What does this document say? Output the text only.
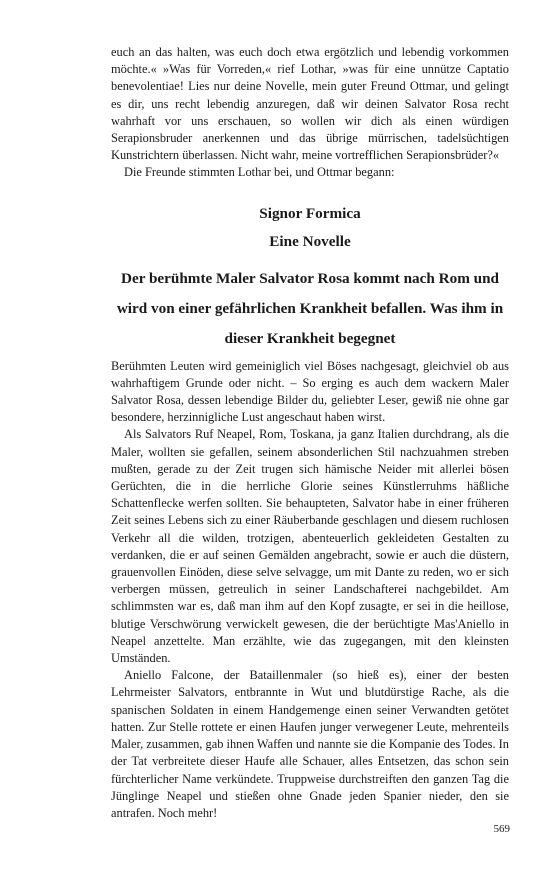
euch an das halten, was euch doch etwa ergötzlich und lebendig vorkommen möchte.« »Was für Vorreden,« rief Lothar, »was für eine unnütze Captatio benevolentiae! Lies nur deine Novelle, mein guter Freund Ottmar, und gelingt es dir, uns recht lebendig anzuregen, daß wir deinen Salvator Rosa recht wahrhaft vor uns erschauen, so wollen wir dich als einen würdigen Serapionsbruder anerkennen und das übrige mürrischen, tadelsüchtigen Kunstrichtern überlassen. Nicht wahr, meine vortrefflichen Serapionsbrüder?«

Die Freunde stimmten Lothar bei, und Ottmar begann:

Signor Formica
Eine Novelle
Der berühmte Maler Salvator Rosa kommt nach Rom und wird von einer gefährlichen Krankheit befallen. Was ihm in dieser Krankheit begegnet

Berühmten Leuten wird gemeiniglich viel Böses nachgesagt, gleichviel ob aus wahrhaftigem Grunde oder nicht. – So erging es auch dem wackern Maler Salvator Rosa, dessen lebendige Bilder du, geliebter Leser, gewiß nie ohne gar besondere, herzinnigliche Lust angeschaut haben wirst.

Als Salvators Ruf Neapel, Rom, Toskana, ja ganz Italien durchdrang, als die Maler, wollten sie gefallen, seinem absonderlichen Stil nachzuahmen streben mußten, gerade zu der Zeit trugen sich hämische Neider mit allerlei bösen Gerüchten, die in die herrliche Glorie seines Künstlerruhms häßliche Schattenflecke werfen sollten. Sie behaupteten, Salvator habe in einer früheren Zeit seines Lebens sich zu einer Räuberbande geschlagen und diesem ruchlosen Verkehr all die wilden, trotzigen, abenteuerlich gekleideten Gestalten zu verdanken, die er auf seinen Gemälden angebracht, sowie er auch die düstern, grauenvollen Einöden, diese selve selvagge, um mit Dante zu reden, wo er sich verbergen müssen, getreulich in seiner Landschafterei nachgebildet. Am schlimmsten war es, daß man ihm auf den Kopf zusagte, er sei in die heillose, blutige Verschwörung verwickelt gewesen, die der berüchtigte Mas'Aniello in Neapel anzettelte. Man erzählte, wie das zugegangen, mit den kleinsten Umständen.

Aniello Falcone, der Bataillenmaler (so hieß es), einer der besten Lehrmeister Salvators, entbrannte in Wut und blutdürstige Rache, als die spanischen Soldaten in einem Handgemenge einen seiner Verwandten getötet hatten. Zur Stelle rottete er einen Haufen junger verwegener Leute, mehrenteils Maler, zusammen, gab ihnen Waffen und nannte sie die Kompanie des Todes. In der Tat verbreitete dieser Haufe alle Schauer, alles Entsetzen, das schon sein fürchterlicher Name verkündete. Truppweise durchstreiften den ganzen Tag die Jünglinge Neapel und stießen ohne Gnade jeden Spanier nieder, den sie antrafen. Noch mehr!

569
